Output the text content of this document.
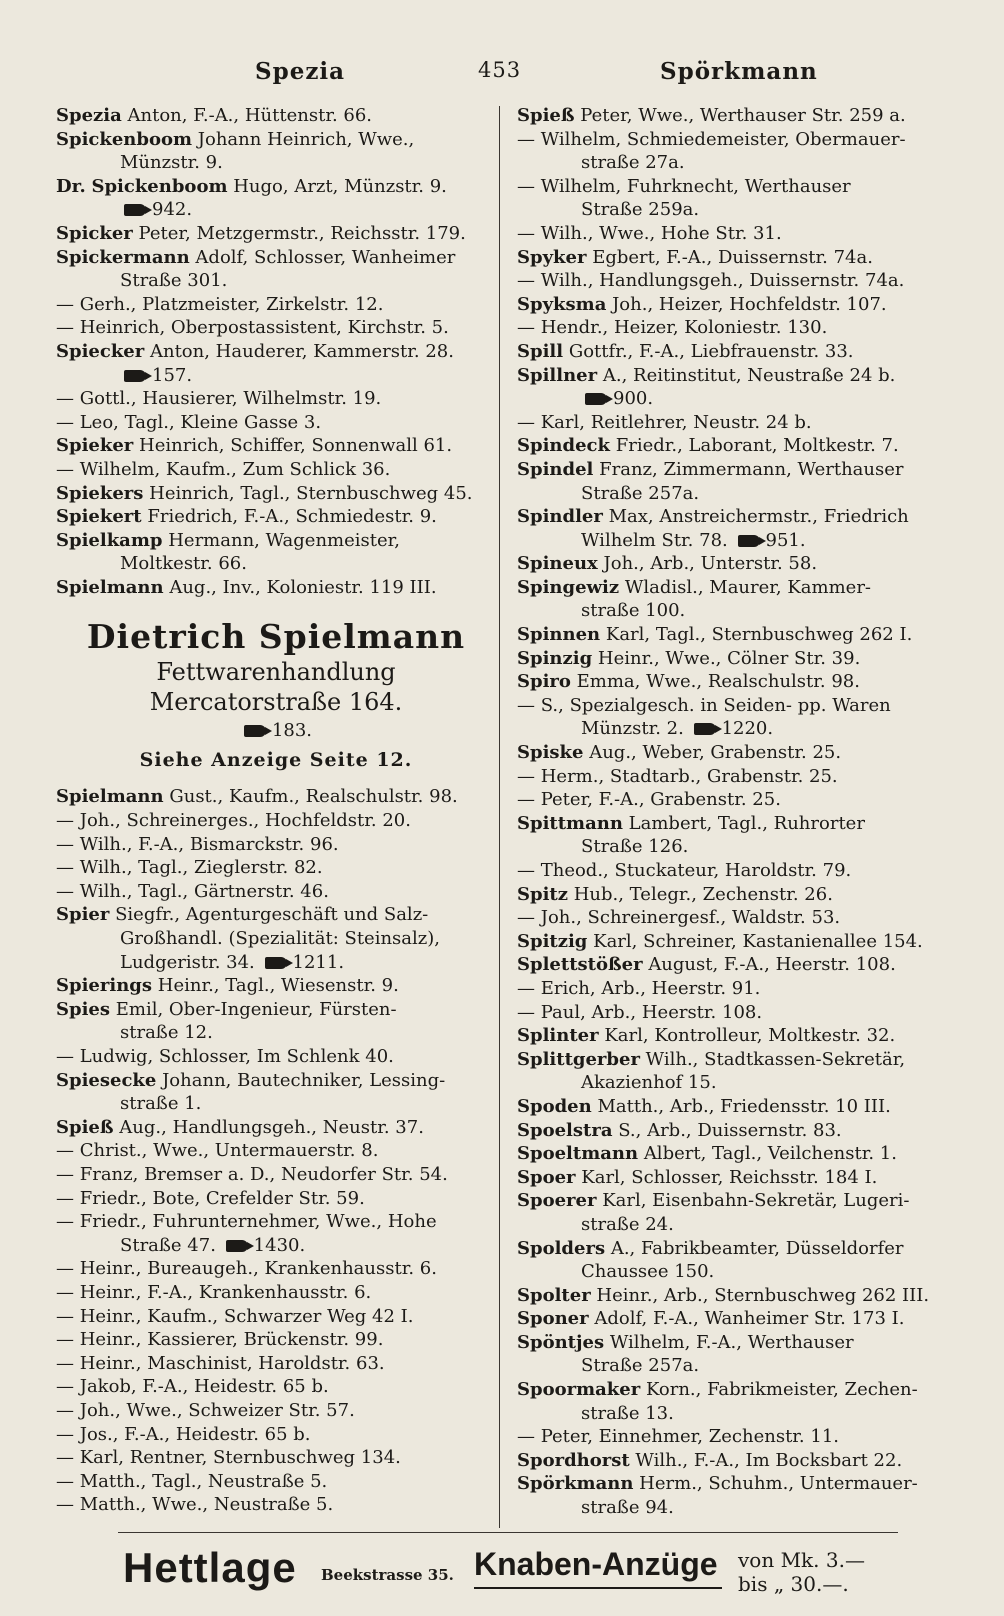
Spezia	453	Spörkmann
Spezia Anton, F.-A., Hüttenstr. 66.
Spickenboom Johann Heinrich, Wwe.,
Münzstr. 9.
Dr. Spickenboom Hugo, Arzt, Münzstr. 9.
942.
Spicker Peter, Metzgermstr., Reichsstr. 179.
Spickermann Adolf, Schlosser, Wanheimer
Straße 301.
— Gerh., Platzmeister, Zirkelstr. 12.
— Heinrich, Oberpostassistent, Kirchstr. 5.
Spiecker Anton, Hauderer, Kammerstr. 28.
157.
— Gottl., Hausierer, Wilhelmstr. 19.
— Leo, Tagl., Kleine Gasse 3.
Spieker Heinrich, Schiffer, Sonnenwall 61.
— Wilhelm, Kaufm., Zum Schlick 36.
Spiekers Heinrich, Tagl., Sternbuschweg 45.
Spiekert Friedrich, F.-A., Schmiedestr. 9.
Spielkamp Hermann, Wagenmeister,
Moltkestr. 66.
Spielmann Aug., Inv., Koloniestr. 119 III.
Dietrich Spielmann
Fettwarenhandlung
Mercatorstraße 164.
183.
Siehe Anzeige Seite 12.
Spielmann Gust., Kaufm., Realschulstr. 98.
— Joh., Schreinerges., Hochfeldstr. 20.
— Wilh., F.-A., Bismarckstr. 96.
— Wilh., Tagl., Zieglerstr. 82.
— Wilh., Tagl., Gärtnerstr. 46.
Spier Siegfr., Agenturgeschäft und Salz-
Großhandl. (Spezialität: Steinsalz),
Ludgeristr. 34. 1211.
Spierings Heinr., Tagl., Wiesenstr. 9.
Spies Emil, Ober-Ingenieur, Fürsten-
straße 12.
— Ludwig, Schlosser, Im Schlenk 40.
Spiesecke Johann, Bautechniker, Lessing-
straße 1.
Spieß Aug., Handlungsgeh., Neustr. 37.
— Christ., Wwe., Untermauerstr. 8.
— Franz, Bremser a. D., Neudorfer Str. 54.
— Friedr., Bote, Crefelder Str. 59.
— Friedr., Fuhrunternehmer, Wwe., Hohe
Straße 47. 1430.
— Heinr., Bureaugeh., Krankenhausstr. 6.
— Heinr., F.-A., Krankenhausstr. 6.
— Heinr., Kaufm., Schwarzer Weg 42 I.
— Heinr., Kassierer, Brückenstr. 99.
— Heinr., Maschinist, Haroldstr. 63.
— Jakob, F.-A., Heidestr. 65 b.
— Joh., Wwe., Schweizer Str. 57.
— Jos., F.-A., Heidestr. 65 b.
— Karl, Rentner, Sternbuschweg 134.
— Matth., Tagl., Neustraße 5.
— Matth., Wwe., Neustraße 5.
Spieß Peter, Wwe., Werthauser Str. 259 a.
— Wilhelm, Schmiedemeister, Obermauer-
straße 27a.
— Wilhelm, Fuhrknecht, Werthauser
Straße 259a.
— Wilh., Wwe., Hohe Str. 31.
Spyker Egbert, F.-A., Duissernstr. 74a.
— Wilh., Handlungsgeh., Duissernstr. 74a.
Spyksma Joh., Heizer, Hochfeldstr. 107.
— Hendr., Heizer, Koloniestr. 130.
Spill Gottfr., F.-A., Liebfrauenstr. 33.
Spillner A., Reitinstitut, Neustraße 24 b.
900.
— Karl, Reitlehrer, Neustr. 24 b.
Spindeck Friedr., Laborant, Moltkestr. 7.
Spindel Franz, Zimmermann, Werthauser
Straße 257a.
Spindler Max, Anstreichermstr., Friedrich
Wilhelm Str. 78. 951.
Spineux Joh., Arb., Unterstr. 58.
Spingewiz Wladisl., Maurer, Kammer-
straße 100.
Spinnen Karl, Tagl., Sternbuschweg 262 I.
Spinzig Heinr., Wwe., Cölner Str. 39.
Spiro Emma, Wwe., Realschulstr. 98.
— S., Spezialgesch. in Seiden- pp. Waren
Münzstr. 2. 1220.
Spiske Aug., Weber, Grabenstr. 25.
— Herm., Stadtarb., Grabenstr. 25.
— Peter, F.-A., Grabenstr. 25.
Spittmann Lambert, Tagl., Ruhrorter
Straße 126.
— Theod., Stuckateur, Haroldstr. 79.
Spitz Hub., Telegr., Zechenstr. 26.
— Joh., Schreinergesf., Waldstr. 53.
Spitzig Karl, Schreiner, Kastanienallee 154.
Splettstößer August, F.-A., Heerstr. 108.
— Erich, Arb., Heerstr. 91.
— Paul, Arb., Heerstr. 108.
Splinter Karl, Kontrolleur, Moltkestr. 32.
Splittgerber Wilh., Stadtkassen-Sekretär,
Akazienhof 15.
Spoden Matth., Arb., Friedensstr. 10 III.
Spoelstra S., Arb., Duissernstr. 83.
Spoeltmann Albert, Tagl., Veilchenstr. 1.
Spoer Karl, Schlosser, Reichsstr. 184 I.
Spoerer Karl, Eisenbahn-Sekretär, Lugeri-
straße 24.
Spolders A., Fabrikbeamter, Düsseldorfer
Chaussee 150.
Spolter Heinr., Arb., Sternbuschweg 262 III.
Sponer Adolf, F.-A., Wanheimer Str. 173 I.
Spöntjes Wilhelm, F.-A., Werthauser
Straße 257a.
Spoormaker Korn., Fabrikmeister, Zechen-
straße 13.
— Peter, Einnehmer, Zechenstr. 11.
Spordhorst Wilh., F.-A., Im Bocksbart 22.
Spörkmann Herm., Schuhm., Untermauer-
straße 94.
Hettlage Beekstrasse 35. Knaben-Anzüge von Mk. 3.—
bis „ 30.—.
